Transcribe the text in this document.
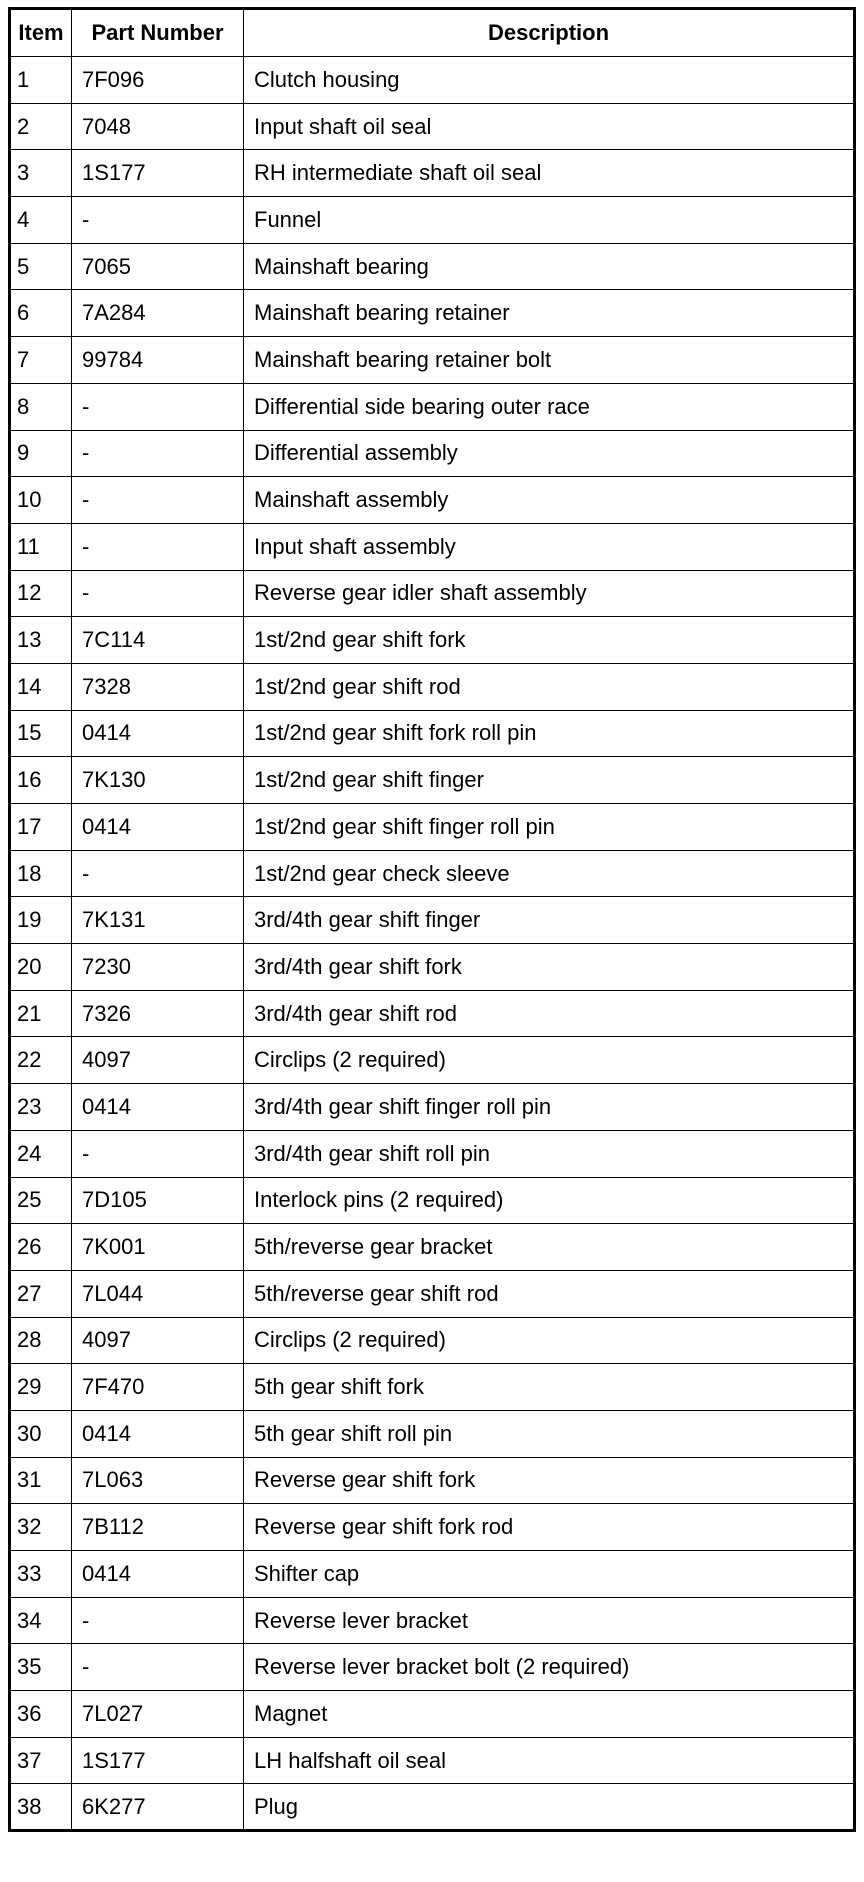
Item	Part Number	Description
1	7F096	Clutch housing
2	7048	Input shaft oil seal
3	1S177	RH intermediate shaft oil seal
4	-	Funnel
5	7065	Mainshaft bearing
6	7A284	Mainshaft bearing retainer
7	99784	Mainshaft bearing retainer bolt
8	-	Differential side bearing outer race
9	-	Differential assembly
10	-	Mainshaft assembly
11	-	Input shaft assembly
12	-	Reverse gear idler shaft assembly
13	7C114	1st/2nd gear shift fork
14	7328	1st/2nd gear shift rod
15	0414	1st/2nd gear shift fork roll pin
16	7K130	1st/2nd gear shift finger
17	0414	1st/2nd gear shift finger roll pin
18	-	1st/2nd gear check sleeve
19	7K131	3rd/4th gear shift finger
20	7230	3rd/4th gear shift fork
21	7326	3rd/4th gear shift rod
22	4097	Circlips (2 required)
23	0414	3rd/4th gear shift finger roll pin
24	-	3rd/4th gear shift roll pin
25	7D105	Interlock pins (2 required)
26	7K001	5th/reverse gear bracket
27	7L044	5th/reverse gear shift rod
28	4097	Circlips (2 required)
29	7F470	5th gear shift fork
30	0414	5th gear shift roll pin
31	7L063	Reverse gear shift fork
32	7B112	Reverse gear shift fork rod
33	0414	Shifter cap
34	-	Reverse lever bracket
35	-	Reverse lever bracket bolt (2 required)
36	7L027	Magnet
37	1S177	LH halfshaft oil seal
38	6K277	Plug
